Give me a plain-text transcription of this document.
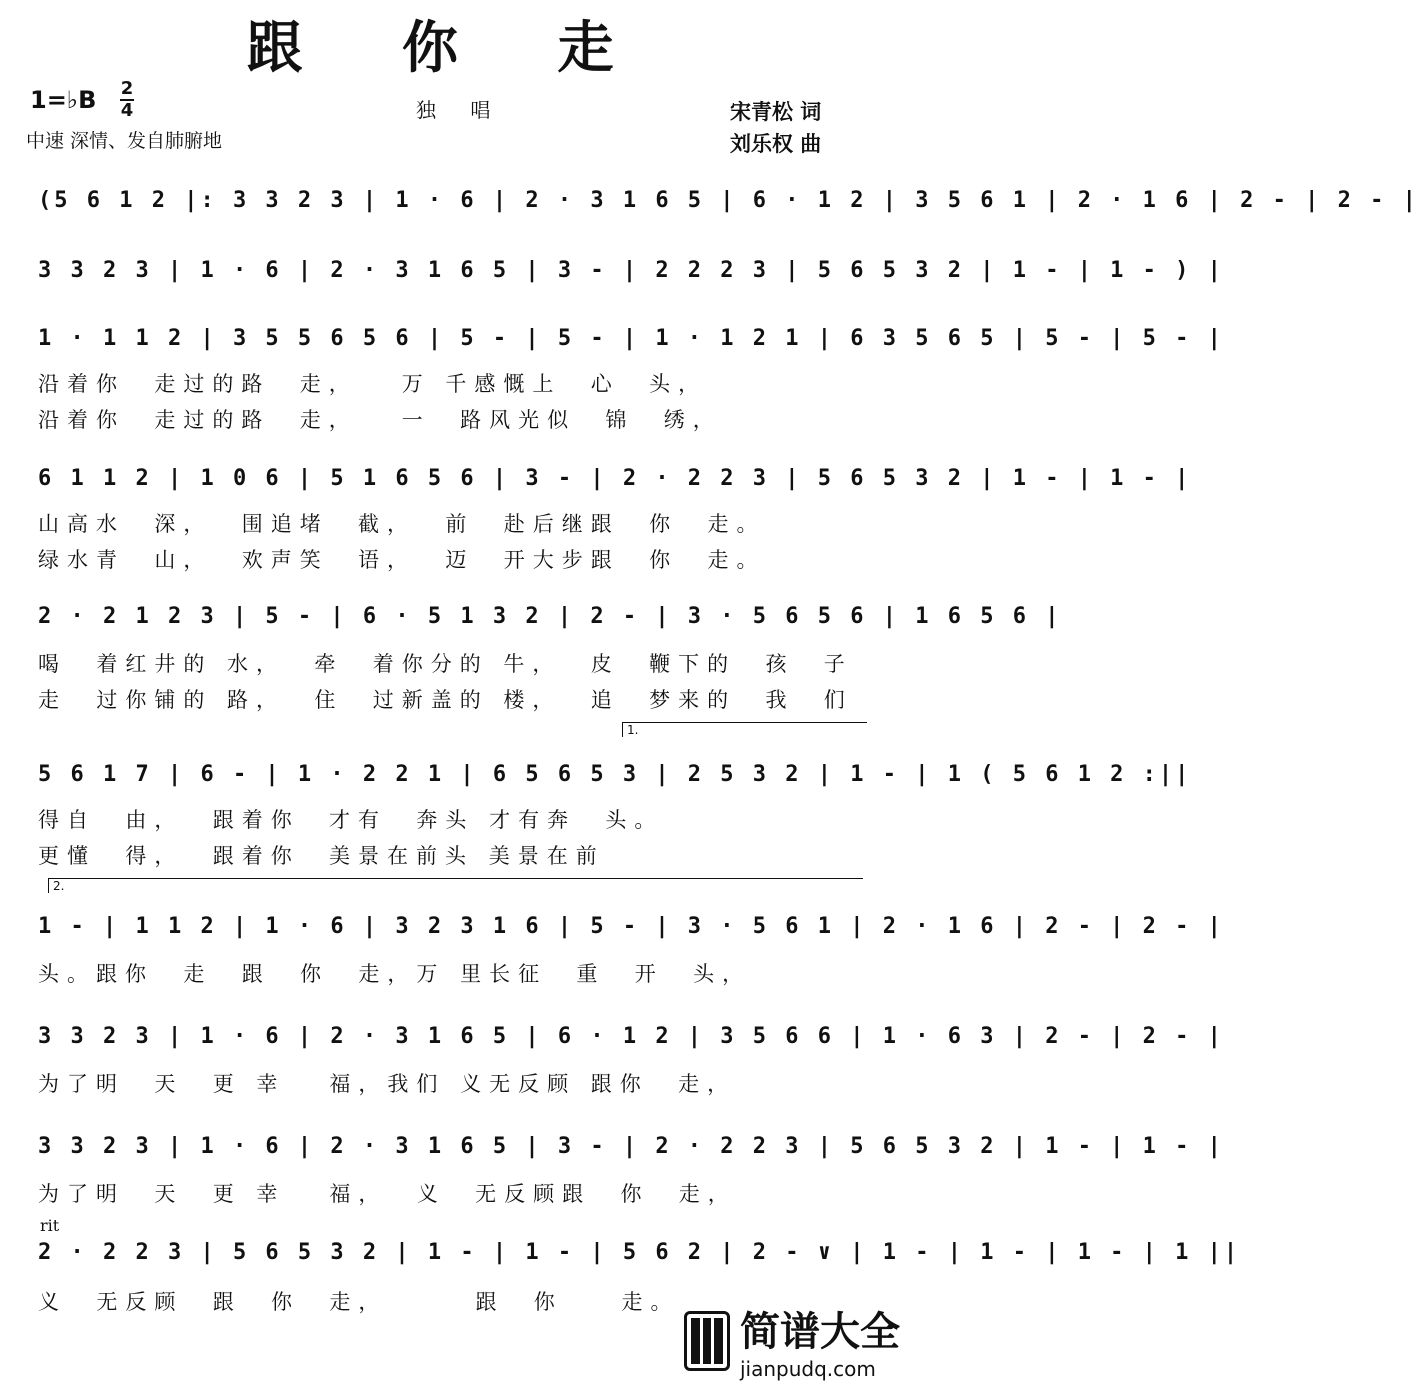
跟 你 走
1=♭B 2
4	独 唱
中速 深情、发自肺腑地
宋青松 词
刘乐权 曲
(5 6 1 2 |: 3 3 2 3 | 1 · 6 | 2 · 3 1 6 5 | 6 · 1 2 | 3 5 6 1 | 2 · 1 6 | 2 - | 2 - |
3 3 2 3 | 1 · 6 | 2 · 3 1 6 5 | 3 - | 2 2 2 3 | 5 6 5 3 2 | 1 - | 1 - ) |
1 · 1 1 2 | 3 5 5 6 5 6 | 5 - | 5 - | 1 · 1 2 1 | 6 3 5 6 5 | 5 - | 5 - |
沿着你  走过的路  走，   万 千感慨上  心  头，
沿着你  走过的路  走，   一  路风光似  锦  绣，
6 1 1 2 | 1 0 6 | 5 1 6 5 6 | 3 - | 2 · 2 2 3 | 5 6 5 3 2 | 1 - | 1 - |
山高水  深，  围追堵  截，  前  赴后继跟  你  走。
绿水青  山，  欢声笑  语，  迈  开大步跟  你  走。
2 · 2 1 2 3 | 5 - | 6 · 5 1 3 2 | 2 - | 3 · 5 6 5 6 | 1 6 5 6 |
喝  着红井的 水，  牵  着你分的 牛，  皮  鞭下的  孩  子
走  过你铺的 路，  住  过新盖的 楼，  追  梦来的  我  们
1.
5 6 1 7 | 6 - | 1 · 2 2 1 | 6 5 6 5 3 | 2 5 3 2 | 1 - | 1 ( 5 6 1 2 :||
得自  由，  跟着你  才有  奔头 才有奔  头。
更懂  得，  跟着你  美景在前头 美景在前
2.
1 - | 1 1 2 | 1 · 6 | 3 2 3 1 6 | 5 - | 3 · 5 6 1 | 2 · 1 6 | 2 - | 2 - |
头。跟你  走  跟  你  走，万 里长征  重  开  头，
3 3 2 3 | 1 · 6 | 2 · 3 1 6 5 | 6 · 1 2 | 3 5 6 6 | 1 · 6 3 | 2 - | 2 - |
为了明  天  更 幸   福，我们 义无反顾 跟你  走，
3 3 2 3 | 1 · 6 | 2 · 3 1 6 5 | 3 - | 2 · 2 2 3 | 5 6 5 3 2 | 1 - | 1 - |
为了明  天  更 幸   福，  义  无反顾跟  你  走，
rit
2 · 2 2 3 | 5 6 5 3 2 | 1 - | 1 - | 5 6 2 | 2 - ∨ | 1 - | 1 - | 1 - | 1 ||
义  无反顾  跟  你  走，      跟  你    走。
简谱大全
jianpudq.com
